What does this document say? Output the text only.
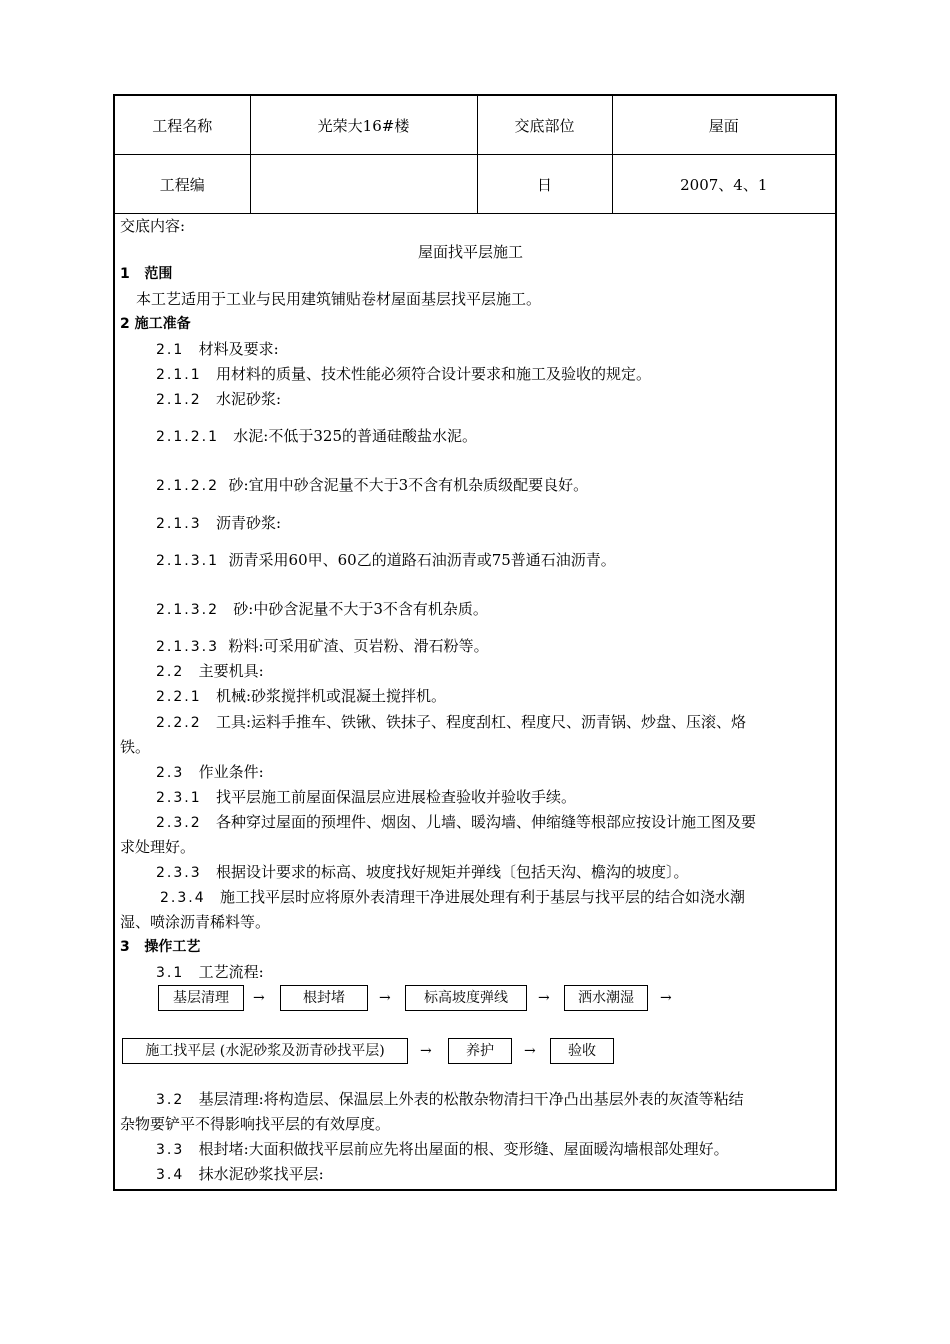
工程名称	光荣大16#楼	交底部位	屋面
工程编		日	2007、4、1
交底内容:
屋面找平层施工
1 范围
本工艺适用于工业与民用建筑铺贴卷材屋面基层找平层施工。
2 施工准备
2.1 材料及要求:
2.1.1 用材料的质量、技术性能必须符合设计要求和施工及验收的规定。
2.1.2 水泥砂浆:
2.1.2.1 水泥:不低于325的普通硅酸盐水泥。
2.1.2.2 砂:宜用中砂含泥量不大于3不含有机杂质级配要良好。
2.1.3 沥青砂浆:
2.1.3.1 沥青采用60甲、60乙的道路石油沥青或75普通石油沥青。
2.1.3.2 砂:中砂含泥量不大于3不含有机杂质。
2.1.3.3 粉料:可采用矿渣、页岩粉、滑石粉等。
2.2 主要机具:
2.2.1 机械:砂浆搅拌机或混凝土搅拌机。
2.2.2 工具:运料手推车、铁锹、铁抹子、程度刮杠、程度尺、沥青锅、炒盘、压滚、烙
铁。
2.3 作业条件:
2.3.1 找平层施工前屋面保温层应进展检查验收并验收手续。
2.3.2 各种穿过屋面的预埋件、烟囱、儿墙、暖沟墙、伸缩缝等根部应按设计施工图及要
求处理好。
2.3.3 根据设计要求的标高、坡度找好规矩并弹线〔包括天沟、檐沟的坡度〕。
2.3.4 施工找平层时应将原外表清理干净进展处理有利于基层与找平层的结合如浇水潮
湿、喷涂沥青稀料等。
3 操作工艺
3.1 工艺流程:
基层清理	→	根封堵	→	标高坡度弹线	→	洒水潮湿	→
施工找平层 (水泥砂浆及沥青砂找平层)	→	养护	→	验收
3.2 基层清理:将构造层、保温层上外表的松散杂物清扫干净凸出基层外表的灰渣等粘结
杂物要铲平不得影响找平层的有效厚度。
3.3 根封堵:大面积做找平层前应先将出屋面的根、变形缝、屋面暖沟墙根部处理好。
3.4 抹水泥砂浆找平层:
